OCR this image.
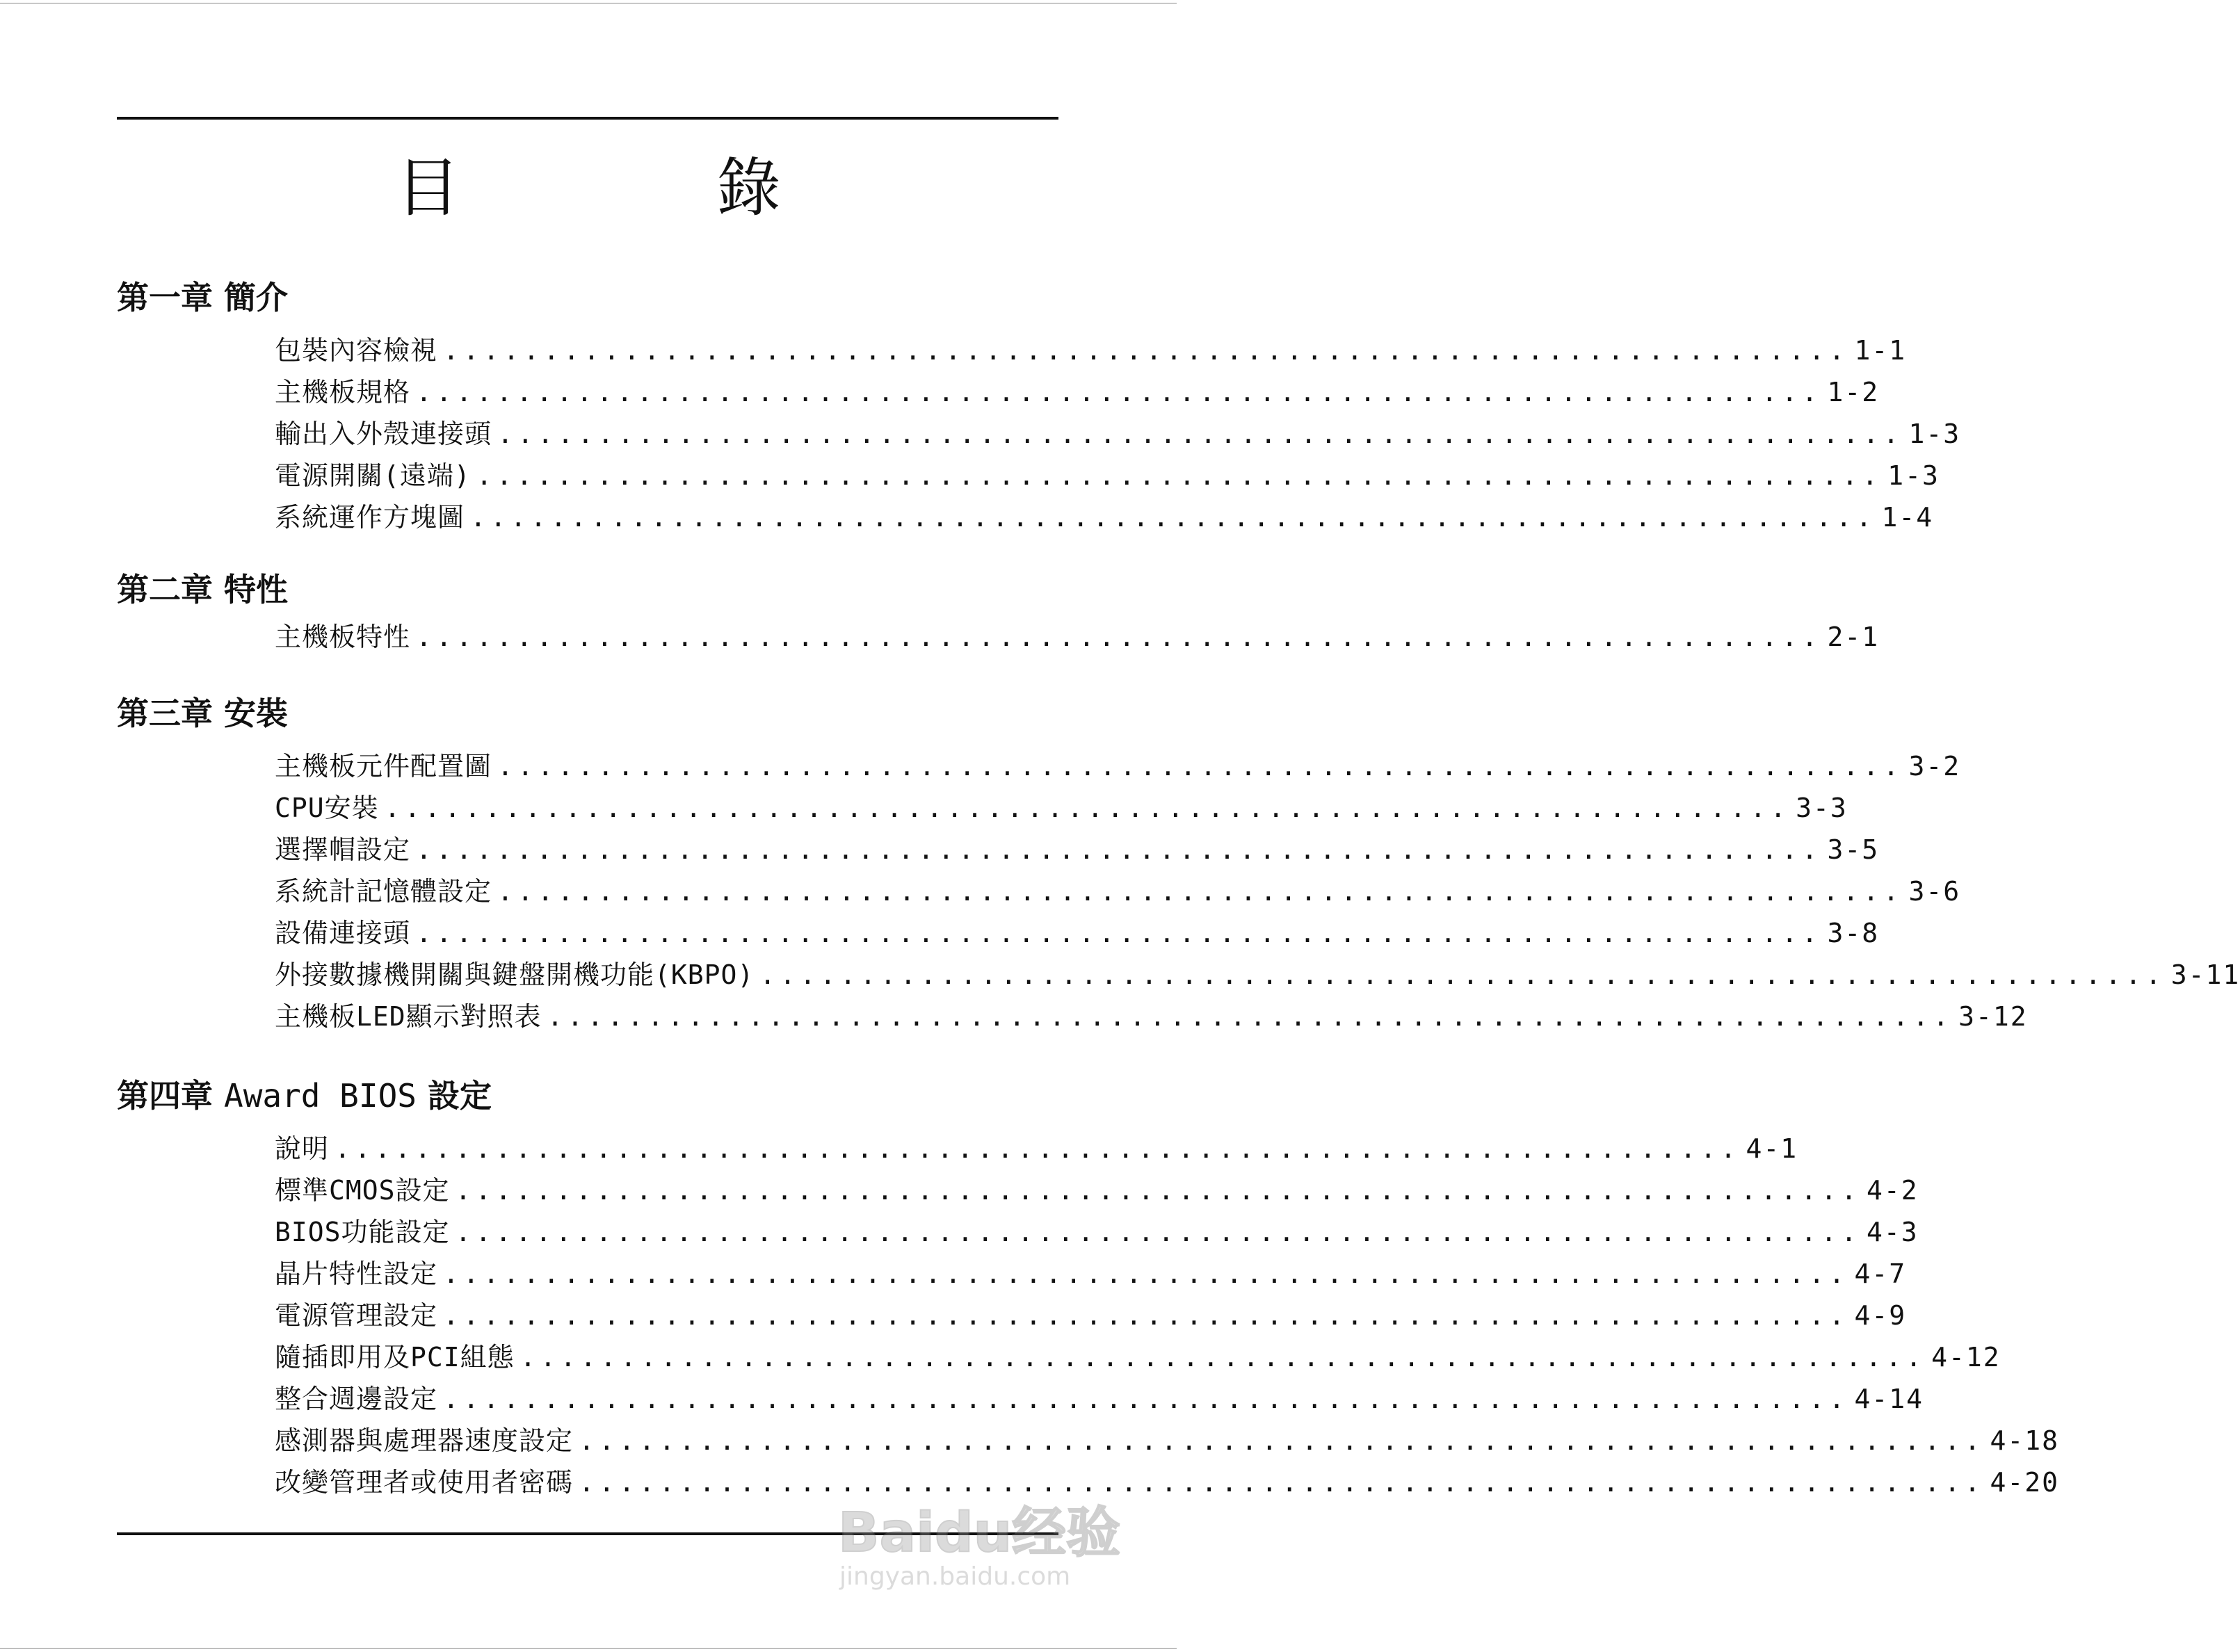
目 錄
第一章 簡介
包裝內容檢視 ...................................................................... 1-1
主機板規格 ...................................................................... 1-2
輸出入外殼連接頭 ...................................................................... 1-3
電源開關(遠端) ...................................................................... 1-3
系統運作方塊圖 ...................................................................... 1-4
第二章 特性
主機板特性 ...................................................................... 2-1
第三章 安裝
主機板元件配置圖 ...................................................................... 3-2
CPU安裝 ...................................................................... 3-3
選擇帽設定 ...................................................................... 3-5
系統計記憶體設定 ...................................................................... 3-6
設備連接頭 ...................................................................... 3-8
外接數據機開關與鍵盤開機功能(KBPO) ...................................................................... 3-11
主機板LED顯示對照表 ...................................................................... 3-12
第四章 Award BIOS 設定
說明 ...................................................................... 4-1
標準CMOS設定 ...................................................................... 4-2
BIOS功能設定 ...................................................................... 4-3
晶片特性設定 ...................................................................... 4-7
電源管理設定 ...................................................................... 4-9
隨插即用及PCI組態 ...................................................................... 4-12
整合週邊設定 ...................................................................... 4-14
感測器與處理器速度設定 ...................................................................... 4-18
改變管理者或使用者密碼 ...................................................................... 4-20
Baidu经验
jingyan.baidu.com
